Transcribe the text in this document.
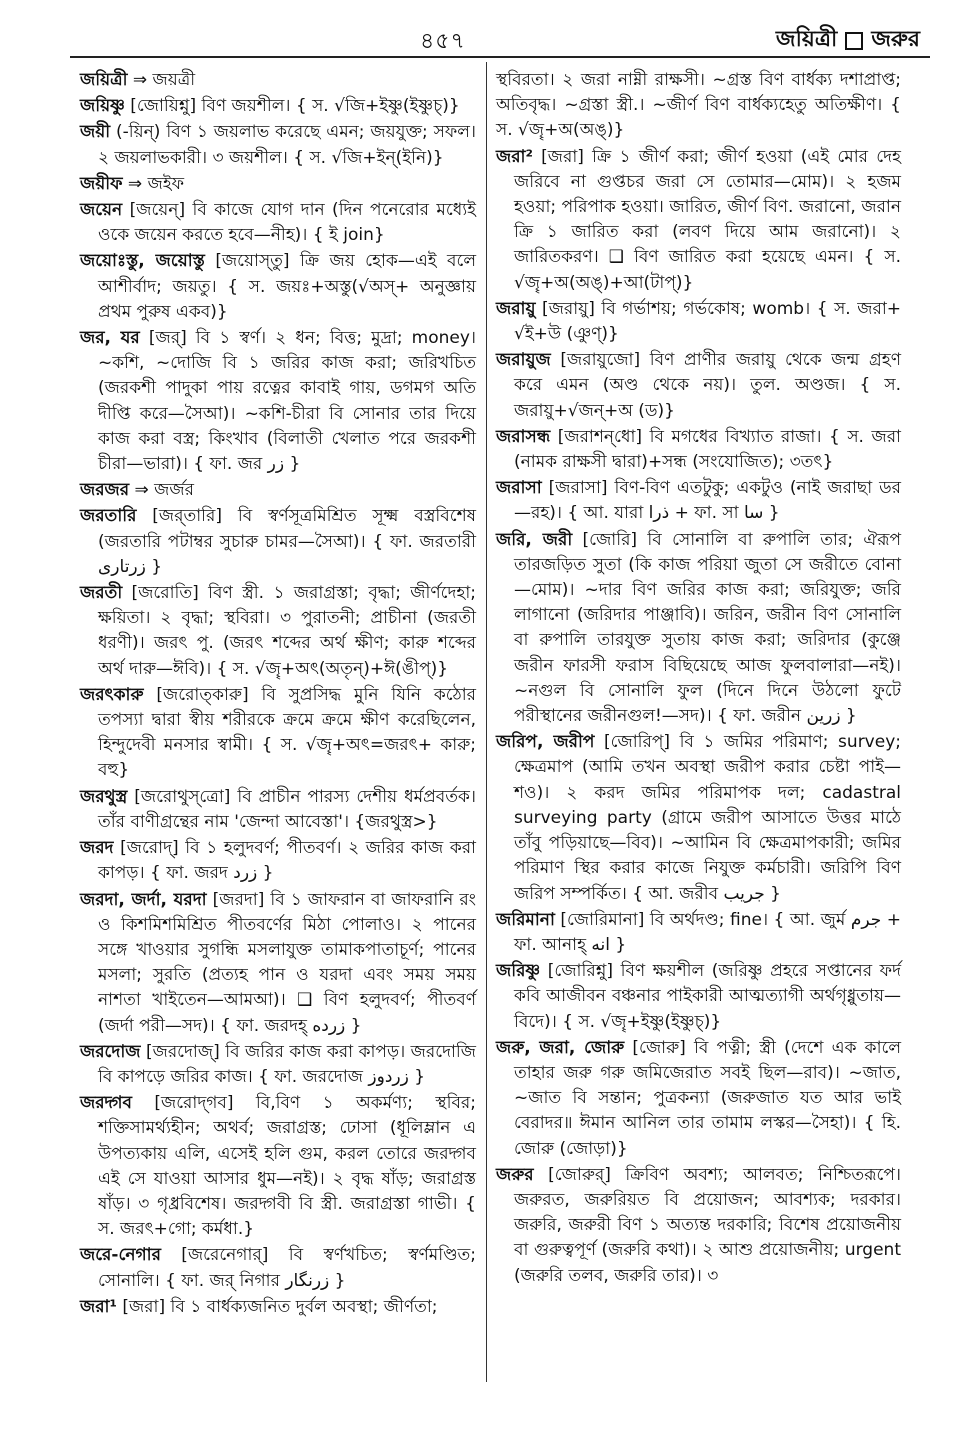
৪৫৭	জয়িত্রী জরুর

জয়িত্রী ⇒ জয়ত্রী

জয়িষ্ণু [জোয়িশ্নু] বিণ জয়শীল। { স. √জি+ইষ্ণু(ইষ্ণুচ্)}

জয়ী (-য়িন্) বিণ ১ জয়লাভ করেছে এমন; জয়যুক্ত; সফল। ২ জয়লাভকারী। ৩ জয়শীল। { স. √জি+ইন্(ইনি)}

জয়ীফ ⇒ জইফ

জয়েন [জয়েন্] বি কাজে যোগ দান (দিন পনেরোর মধ্যেই ওকে জয়েন করতে হবে—নীহ)। { ই join}

জয়োঃস্তু, জয়োস্তু [জয়োস্‌তু] ক্রি জয় হোক—এই বলে আশীর্বাদ; জয়তু। { স. জয়ঃ+অস্তু(√অস্+ অনুজ্ঞায় প্রথম পুরুষ একব)}

জর, যর [জর্] বি ১ স্বর্ণ। ২ ধন; বিত্ত; মুদ্রা; money। ~কশি, ~দোজি বি ১ জরির কাজ করা; জরিখচিত (জরকশী পাদুকা পায় রত্নের কাবাই গায়, ডগমগ অতি দীপ্তি করে—সৈআ)। ~কশি-চীরা বি সোনার তার দিয়ে কাজ করা বস্ত্র; কিংখাব (বিলাতী খেলাত পরে জরকশী চীরা—ভারা)। { ফা. জর زر }

জরজর ⇒ জর্জর

জরতারি [জর্‌তারি] বি স্বর্ণসূত্রমিশ্রিত সূক্ষ্ম বস্ত্রবিশেষ (জরতারি পটাম্বর সুচারু চামর—সৈআ)। { ফা. জরতারী زرتاری }

জরতী [জরোতি] বিণ স্ত্রী. ১ জরাগ্রস্তা; বৃদ্ধা; জীর্ণদেহা; ক্ষয়িতা। ২ বৃদ্ধা; স্থবিরা। ৩ পুরাতনী; প্রাচীনা (জরতী ধরণী)। জরৎ পু. (জরৎ শব্দের অর্থ ক্ষীণ; কারু শব্দের অর্থ দারু—ঈবি)। { স. √জৄ+অৎ(অতৃন্)+ঈ(ঙীপ্)}

জরৎকারু [জরোত্‌কারু] বি সুপ্রসিদ্ধ মুনি যিনি কঠোর তপস্যা দ্বারা স্বীয় শরীরকে ক্রমে ক্রমে ক্ষীণ করেছিলেন, হিন্দুদেবী মনসার স্বামী। { স. √জৄ+অৎ=জরৎ+ কারু; বহু}

জরথুস্ত্র [জরোথুস্‌ত্রো] বি প্রাচীন পারস্য দেশীয় ধর্মপ্রবর্তক। তাঁর বাণীগ্রন্থের নাম 'জেন্দা আবেস্তা'। {জরথুস্ত্র>}

জরদ [জরোদ্] বি ১ হলুদবর্ণ; পীতবর্ণ। ২ জরির কাজ করা কাপড়। { ফা. জরদ زرد }

জরদা, জর্দা, যরদা [জরদা] বি ১ জাফরান বা জাফরানি রং ও কিশমিশমিশ্রিত পীতবর্ণের মিঠা পোলাও। ২ পানের সঙ্গে খাওয়ার সুগন্ধি মসলাযুক্ত তামাকপাতাচূর্ণ; পানের মসলা; সুরতি (প্রত্যহ পান ও যরদা এবং সময় সময় নাশতা খাইতেন—আমআ)। ❑ বিণ হলুদবর্ণ; পীতবর্ণ (জর্দা পরী—সদ)। { ফা. জরদহ্ زرده }

জরদোজ [জরদোজ্] বি জরির কাজ করা কাপড়। জরদোজি বি কাপড়ে জরির কাজ। { ফা. জরদোজ زردوز }

জরদ্গব [জরোদ্‌গব] বি,বিণ ১ অকর্মণ্য; স্থবির; শক্তিসামর্থ্যহীন; অথর্ব; জরাগ্রস্ত; ঢোসা (ধূলিম্লান এ উপত্যকায় এলি, এসেই হলি গুম, করল তোরে জরদ্গব এই সে যাওয়া আসার ধুম—নই)। ২ বৃদ্ধ ষাঁড়; জরাগ্রস্ত ষাঁড়। ৩ গৃধ্রবিশেষ। জরদ্গবী বি স্ত্রী. জরাগ্রস্তা গাভী। { স. জরৎ+গো; কর্মধা.}

জরে-নেগার [জরেনেগার্] বি স্বর্ণখচিত; স্বর্ণমণ্ডিত; সোনালি। { ফা. জর্ নিগার زرنگار }

জরা¹ [জরা] বি ১ বার্ধক্যজনিত দুর্বল অবস্থা; জীর্ণতা;

স্থবিরতা। ২ জরা নাম্নী রাক্ষসী। ~গ্রস্ত বিণ বার্ধক্য দশাপ্রাপ্ত; অতিবৃদ্ধ। ~গ্রস্তা স্ত্রী.। ~জীর্ণ বিণ বার্ধক্যহেতু অতিক্ষীণ। { স. √জৄ+অ(অঙ্)}

জরা² [জরা] ক্রি ১ জীর্ণ করা; জীর্ণ হওয়া (এই মোর দেহ জরিবে না গুপ্তচর জরা সে তোমার—মোম)। ২ হজম হওয়া; পরিপাক হওয়া। জারিত, জীর্ণ বিণ. জরানো, জরান ক্রি ১ জারিত করা (লবণ দিয়ে আম জরানো)। ২ জারিতকরণ। ❑ বিণ জারিত করা হয়েছে এমন। { স. √জৄ+অ(অঙ্)+আ(টাপ্)}

জরায়ু [জরায়ু] বি গর্ভাশয়; গর্ভকোষ; womb। { স. জরা+ √ই+উ (ঞুণ্)}

জরায়ুজ [জরায়ুজো] বিণ প্রাণীর জরায়ু থেকে জন্ম গ্রহণ করে এমন (অণ্ড থেকে নয়)। তুল. অণ্ডজ। { স. জরায়ু+√জন্+অ (ড)}

জরাসন্ধ [জরাশন্‌ধো] বি মগধের বিখ্যাত রাজা। { স. জরা (নামক রাক্ষসী দ্বারা)+সন্ধ (সংযোজিত); ৩তৎ}

জরাসা [জরাসা] বিণ-বিণ এতটুকু; একটুও (নাই জরাছা ডর—রহ)। { আ. যারা ذرا + ফা. সা سا }

জরি, জরী [জোরি] বি সোনালি বা রুপালি তার; ঐরূপ তারজড়িত সুতা (কি কাজ পরিয়া জুতা সে জরীতে বোনা—মোম)। ~দার বিণ জরির কাজ করা; জরিযুক্ত; জরি লাগানো (জরিদার পাঞ্জাবি)। জরিন, জরীন বিণ সোনালি বা রুপালি তারযুক্ত সুতায় কাজ করা; জরিদার (কুঞ্জে জরীন ফারসী ফরাস বিছিয়েছে আজ ফুলবালারা—নই)। ~নগুল বি সোনালি ফুল (দিনে দিনে উঠলো ফুটে পরীস্থানের জরীনগুল!—সদ)। { ফা. জরীন زرین }

জরিপ, জরীপ [জোরিপ্] বি ১ জমির পরিমাণ; survey; ক্ষেত্রমাপ (আমি তখন অবস্থা জরীপ করার চেষ্টা পাই—শও)। ২ করদ জমির পরিমাপক দল; cadastral surveying party (গ্রামে জরীপ আসাতে উত্তর মাঠে তাঁবু পড়িয়াছে—বিব)। ~আমিন বি ক্ষেত্রমাপকারী; জমির পরিমাণ স্থির করার কাজে নিযুক্ত কর্মচারী। জরিপি বিণ জরিপ সম্পর্কিত। { আ. জরীব جریب }

জরিমানা [জোরিমানা] বি অর্থদণ্ড; fine। { আ. জুর্ম جرم + ফা. আনাহ্ انه }

জরিষ্ণু [জোরিশ্নু] বিণ ক্ষয়শীল (জরিষ্ণু প্রহরে সপ্তানের ফর্দ কবি আজীবন বঞ্চনার পাইকারী আত্মত্যাগী অর্থগৃধ্নুতায়—বিদে)। { স. √জৄ+ইষ্ণু(ইষ্ণুচ্)}

জরু, জরা, জোরু [জোরু] বি পত্নী; স্ত্রী (দেশে এক কালে তাহার জরু গরু জমিজেরাত সবই ছিল—রাব)। ~জাত, ~জাত বি সন্তান; পুত্রকন্যা (জরুজাত যত আর ভাই বেরাদর॥ ঈমান আনিল তার তামাম লস্কর—সৈহা)। { হি. জোরু (জোড়া)}

জরুর [জোরুর্] ক্রিবিণ অবশ্য; আলবত; নিশ্চিতরূপে। জরুরত, জরুরিয়ত বি প্রয়োজন; আবশ্যক; দরকার। জরুরি, জরুরী বিণ ১ অত্যন্ত দরকারি; বিশেষ প্রয়োজনীয় বা গুরুত্বপূর্ণ (জরুরি কথা)। ২ আশু প্রয়োজনীয়; urgent (জরুরি তলব, জরুরি তার)। ৩
